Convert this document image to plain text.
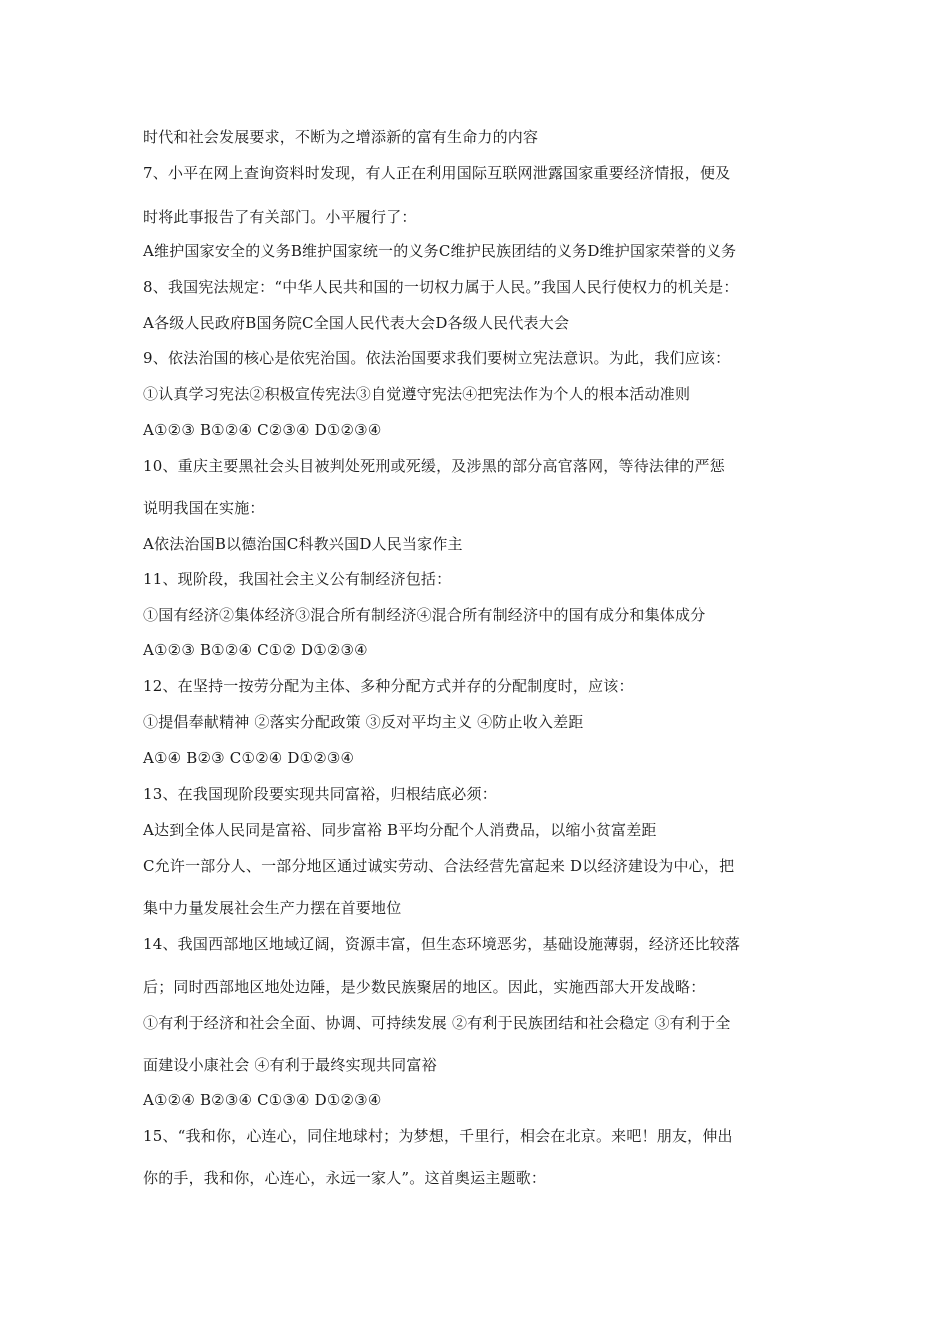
时代和社会发展要求，不断为之增添新的富有生命力的内容
7、小平在网上查询资料时发现，有人正在利用国际互联网泄露国家重要经济情报，便及
时将此事报告了有关部门。小平履行了：
A维护国家安全的义务B维护国家统一的义务C维护民族团结的义务D维护国家荣誉的义务
8、我国宪法规定：“中华人民共和国的一切权力属于人民。”我国人民行使权力的机关是：
A各级人民政府B国务院C全国人民代表大会D各级人民代表大会
9、依法治国的核心是依宪治国。依法治国要求我们要树立宪法意识。为此，我们应该：
①认真学习宪法②积极宣传宪法③自觉遵守宪法④把宪法作为个人的根本活动准则
A①②③ B①②④ C②③④ D①②③④
10、重庆主要黑社会头目被判处死刑或死缓，及涉黑的部分高官落网，等待法律的严惩
说明我国在实施：
A依法治国B以德治国C科教兴国D人民当家作主
11、现阶段，我国社会主义公有制经济包括：
①国有经济②集体经济③混合所有制经济④混合所有制经济中的国有成分和集体成分
A①②③ B①②④ C①② D①②③④
12、在坚持一按劳分配为主体、多种分配方式并存的分配制度时，应该：
①提倡奉献精神 ②落实分配政策 ③反对平均主义 ④防止收入差距
A①④ B②③ C①②④ D①②③④
13、在我国现阶段要实现共同富裕，归根结底必须：
A达到全体人民同是富裕、同步富裕 B平均分配个人消费品，以缩小贫富差距
C允许一部分人、一部分地区通过诚实劳动、合法经营先富起来 D以经济建设为中心，把
集中力量发展社会生产力摆在首要地位
14、我国西部地区地域辽阔，资源丰富，但生态环境恶劣，基础设施薄弱，经济还比较落
后；同时西部地区地处边陲，是少数民族聚居的地区。因此，实施西部大开发战略：
①有利于经济和社会全面、协调、可持续发展 ②有利于民族团结和社会稳定 ③有利于全
面建设小康社会 ④有利于最终实现共同富裕
A①②④ B②③④ C①③④ D①②③④
15、“我和你，心连心，同住地球村；为梦想，千里行，相会在北京。来吧！朋友，伸出
你的手，我和你，心连心，永远一家人”。这首奥运主题歌：
